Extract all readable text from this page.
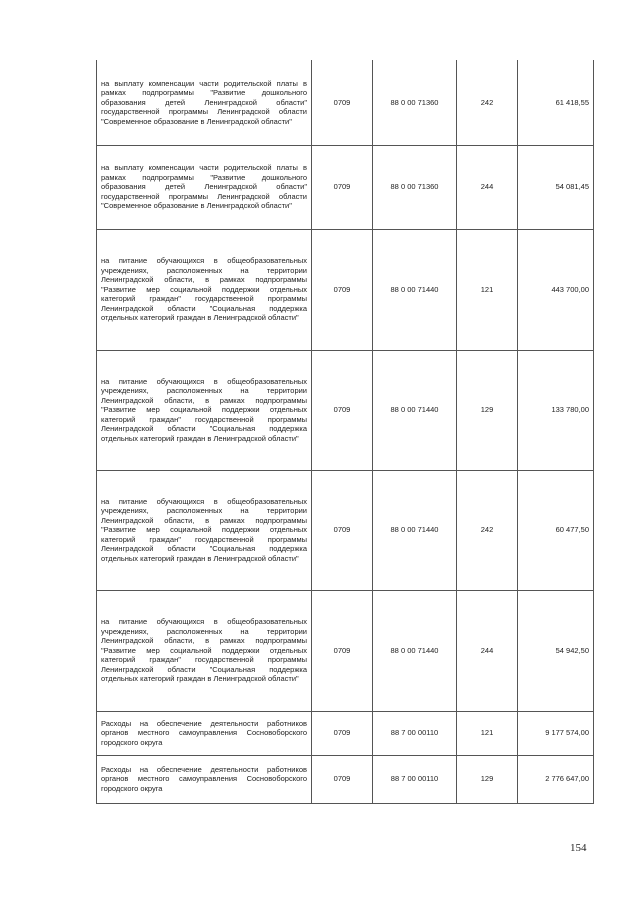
на выплату компенсации части родительской платы в рамках подпрограммы "Развитие дошкольного образования детей Ленинградской области" государственной программы Ленинградской области "Современное образование в Ленинградской области"	0709	88 0 00 71360	242	61 418,55
на выплату компенсации части родительской платы в рамках подпрограммы "Развитие дошкольного образования детей Ленинградской области" государственной программы Ленинградской области "Современное образование в Ленинградской области"	0709	88 0 00 71360	244	54 081,45
на питание обучающихся в общеобразовательных учреждениях, расположенных на территории Ленинградской области, в рамках подпрограммы "Развитие мер социальной поддержки отдельных категорий граждан" государственной программы Ленинградской области "Социальная поддержка отдельных категорий граждан в Ленинградской области"	0709	88 0 00 71440	121	443 700,00
на питание обучающихся в общеобразовательных учреждениях, расположенных на территории Ленинградской области, в рамках подпрограммы "Развитие мер социальной поддержки отдельных категорий граждан" государственной программы Ленинградской области "Социальная поддержка отдельных категорий граждан в Ленинградской области"	0709	88 0 00 71440	129	133 780,00
на питание обучающихся в общеобразовательных учреждениях, расположенных на территории Ленинградской области, в рамках подпрограммы "Развитие мер социальной поддержки отдельных категорий граждан" государственной программы Ленинградской области "Социальная поддержка отдельных категорий граждан в Ленинградской области"	0709	88 0 00 71440	242	60 477,50
на питание обучающихся в общеобразовательных учреждениях, расположенных на территории Ленинградской области, в рамках подпрограммы "Развитие мер социальной поддержки отдельных категорий граждан" государственной программы Ленинградской области "Социальная поддержка отдельных категорий граждан в Ленинградской области"	0709	88 0 00 71440	244	54 942,50
Расходы на обеспечение деятельности работников органов местного самоуправления Сосновоборского городского округа	0709	88 7 00 00110	121	9 177 574,00
Расходы на обеспечение деятельности работников органов местного самоуправления Сосновоборского городского округа	0709	88 7 00 00110	129	2 776 647,00
154
